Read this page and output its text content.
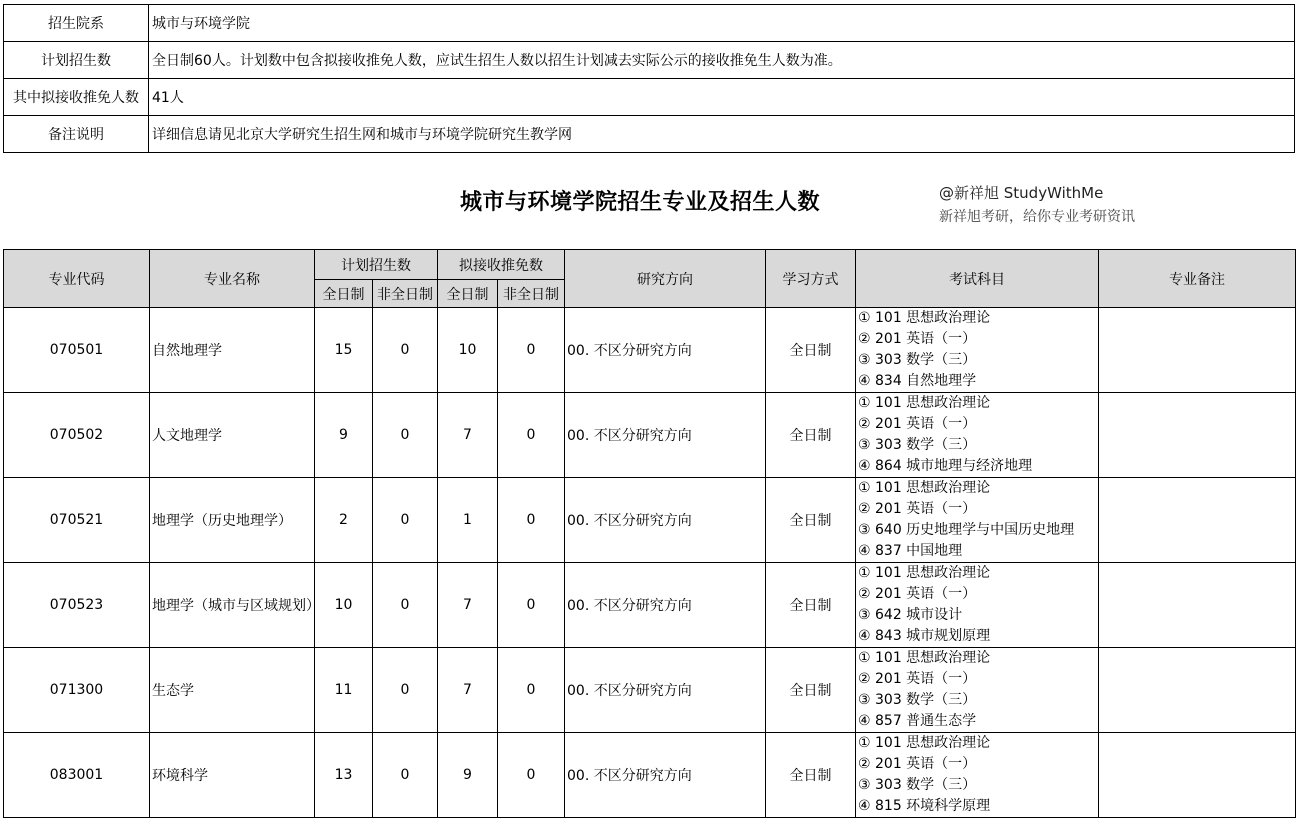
招生院系	城市与环境学院
计划招生数	全日制60人。计划数中包含拟接收推免人数，应试生招生人数以招生计划减去实际公示的接收推免生人数为准。
其中拟接收推免人数	41人
备注说明	详细信息请见北京大学研究生招生网和城市与环境学院研究生教学网
城市与环境学院招生专业及招生人数	@新祥旭 StudyWithMe
新祥旭考研，给你专业考研资讯
专业代码	专业名称	计划招生数		拟接收推免数		研究方向	学习方式	考试科目	专业备注
		全日制	非全日制	全日制	非全日制				
070501	自然地理学	15	0	10	0	00. 不区分研究方向	全日制	① 101 思想政治理论
② 201 英语（一）
③ 303 数学（三）
④ 834 自然地理学	

070502	人文地理学	9	0	7	0	00. 不区分研究方向	全日制	① 101 思想政治理论
② 201 英语（一）
③ 303 数学（三）
④ 864 城市地理与经济地理	

070521	地理学（历史地理学）	2	0	1	0	00. 不区分研究方向	全日制	① 101 思想政治理论
② 201 英语（一）
③ 640 历史地理学与中国历史地理
④ 837 中国地理	

070523	地理学（城市与区域规划）	10	0	7	0	00. 不区分研究方向	全日制	① 101 思想政治理论
② 201 英语（一）
③ 642 城市设计
④ 843 城市规划原理	

071300	生态学	11	0	7	0	00. 不区分研究方向	全日制	① 101 思想政治理论
② 201 英语（一）
③ 303 数学（三）
④ 857 普通生态学	

083001	环境科学	13	0	9	0	00. 不区分研究方向	全日制	① 101 思想政治理论
② 201 英语（一）
③ 303 数学（三）
④ 815 环境科学原理	
